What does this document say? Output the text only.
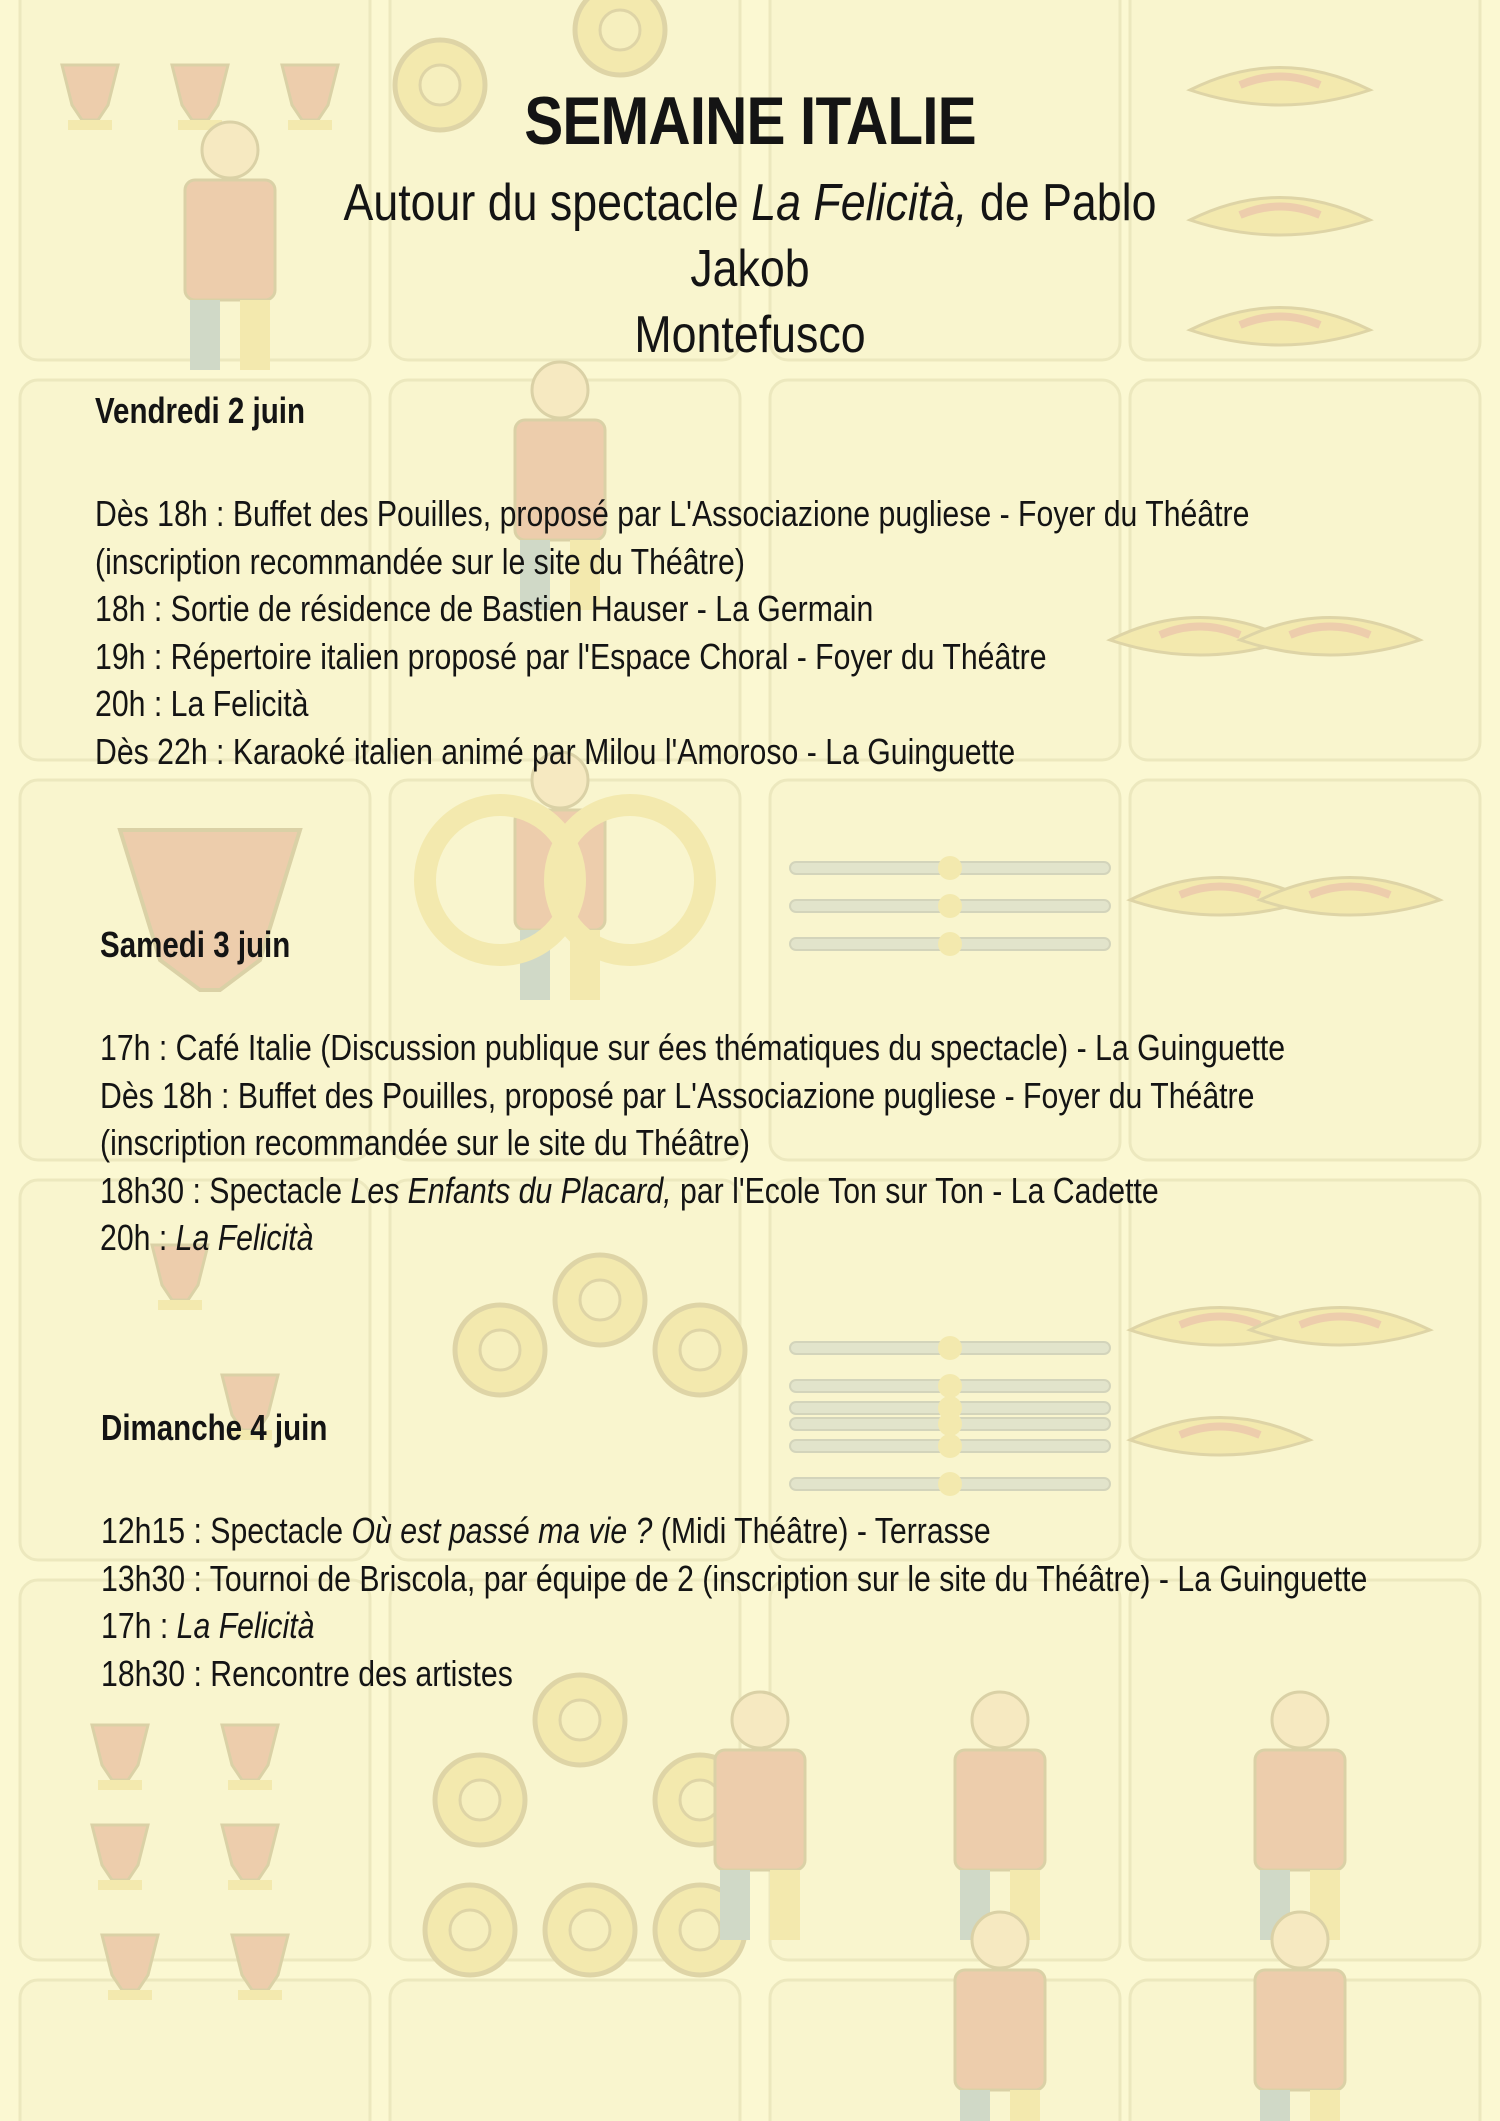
SEMAINE ITALIE
Autour du spectacle La Felicità, de Pablo Jakob
Montefusco
Vendredi 2 juin

Dès 18h : Buffet des Pouilles, proposé par L'Associazione pugliese - Foyer du Théâtre

(inscription recommandée sur le site du Théâtre)

18h : Sortie de résidence de Bastien Hauser - La Germain

19h : Répertoire italien proposé par l'Espace Choral - Foyer du Théâtre

20h : La Felicità

Dès 22h : Karaoké italien animé par Milou l'Amoroso - La Guinguette

Samedi 3 juin

17h : Café Italie (Discussion publique sur ées thématiques du spectacle) - La Guinguette

Dès 18h : Buffet des Pouilles, proposé par L'Associazione pugliese - Foyer du Théâtre

(inscription recommandée sur le site du Théâtre)

18h30 : Spectacle Les Enfants du Placard, par l'Ecole Ton sur Ton - La Cadette

20h : La Felicità

Dimanche 4 juin

12h15 : Spectacle Où est passé ma vie ? (Midi Théâtre) - Terrasse

13h30 : Tournoi de Briscola, par équipe de 2 (inscription sur le site du Théâtre) - La Guinguette

17h : La Felicità

18h30 : Rencontre des artistes
